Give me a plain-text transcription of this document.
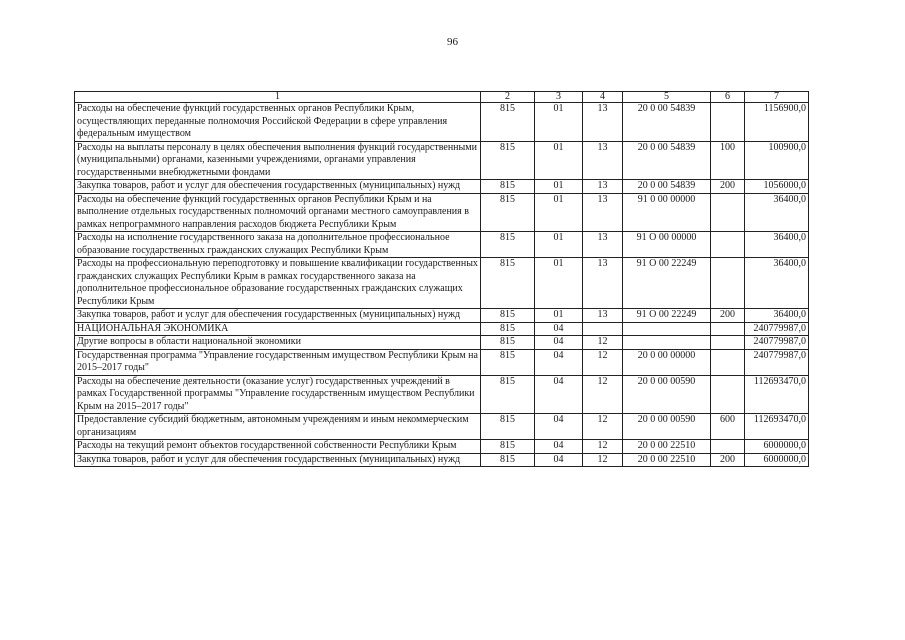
96
1	2	3	4	5	6	7
Расходы на обеспечение функций государственных органов Республики Крым, осуществляющих переданные полномочия Российской Федерации в сфере управления федеральным имуществом	815	01	13	20 0 00 54839		1156900,0
Расходы на выплаты персоналу в целях обеспечения выполнения функций государственными (муниципальными) органами, казенными учреждениями, органами управления государственными внебюджетными фондами	815	01	13	20 0 00 54839	100	100900,0
Закупка товаров, работ и услуг для обеспечения государственных (муниципальных) нужд	815	01	13	20 0 00 54839	200	1056000,0
Расходы на обеспечение функций государственных органов Республики Крым и на выполнение отдельных государственных полномочий органами местного самоуправления в рамках непрограммного направления расходов бюджета Республики Крым	815	01	13	91 0 00 00000		36400,0
Расходы на исполнение государственного заказа на дополнительное профессиональное образование государственных гражданских служащих Республики Крым	815	01	13	91 О 00 00000		36400,0
Расходы на профессиональную переподготовку и повышение квалификации государственных гражданских служащих Республики Крым в рамках государственного заказа на дополнительное профессиональное образование государственных гражданских служащих Республики Крым	815	01	13	91 О 00 22249		36400,0
Закупка товаров, работ и услуг для обеспечения государственных (муниципальных) нужд	815	01	13	91 О 00 22249	200	36400,0
НАЦИОНАЛЬНАЯ ЭКОНОМИКА	815	04				240779987,0
Другие вопросы в области национальной экономики	815	04	12			240779987,0
Государственная программа "Управление государственным имуществом Республики Крым на 2015–2017 годы"	815	04	12	20 0 00 00000		240779987,0
Расходы на обеспечение деятельности (оказание услуг) государственных учреждений в рамках Государственной программы "Управление государственным имуществом Республики Крым на 2015–2017 годы"	815	04	12	20 0 00 00590		112693470,0
Предоставление субсидий бюджетным, автономным учреждениям и иным некоммерческим организациям	815	04	12	20 0 00 00590	600	112693470,0
Расходы на текущий ремонт объектов государственной собственности Республики Крым	815	04	12	20 0 00 22510		6000000,0
Закупка товаров, работ и услуг для обеспечения государственных (муниципальных) нужд	815	04	12	20 0 00 22510	200	6000000,0
